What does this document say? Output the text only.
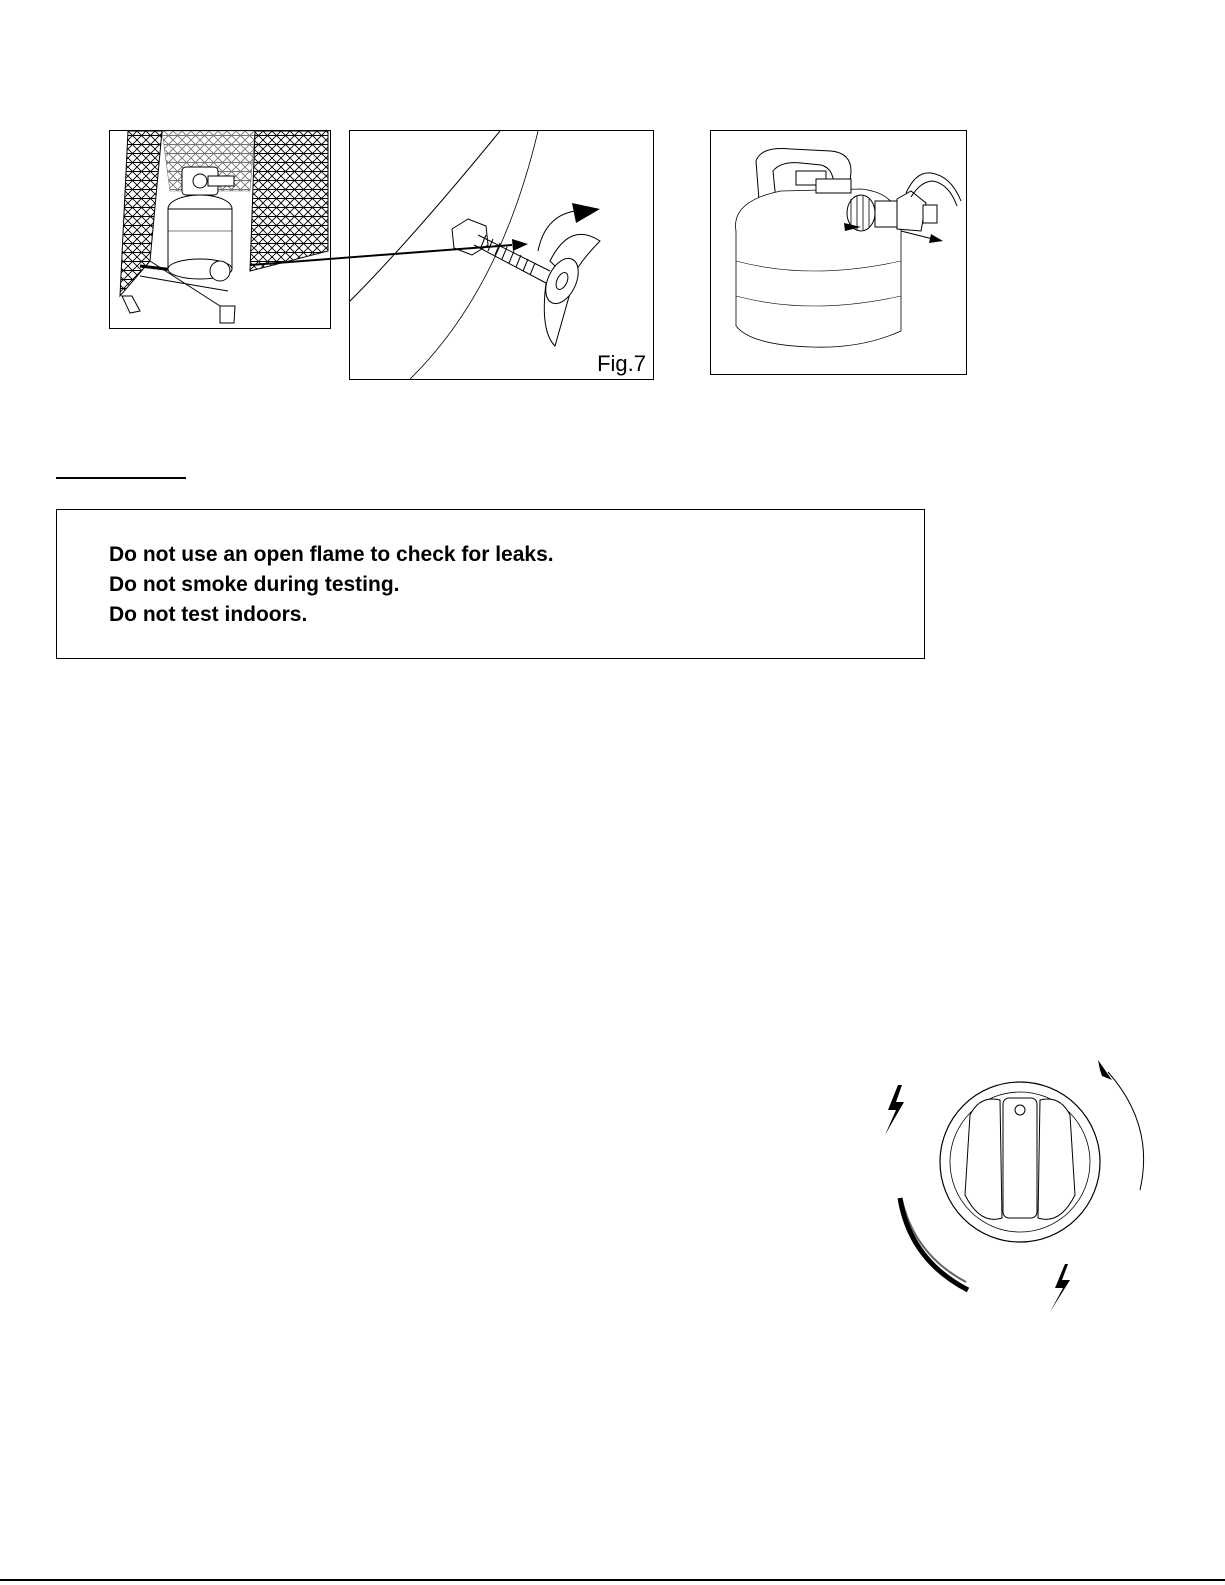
Fig.7
Do not use an open flame to check for leaks.
Do not smoke during testing.
Do not test indoors.
